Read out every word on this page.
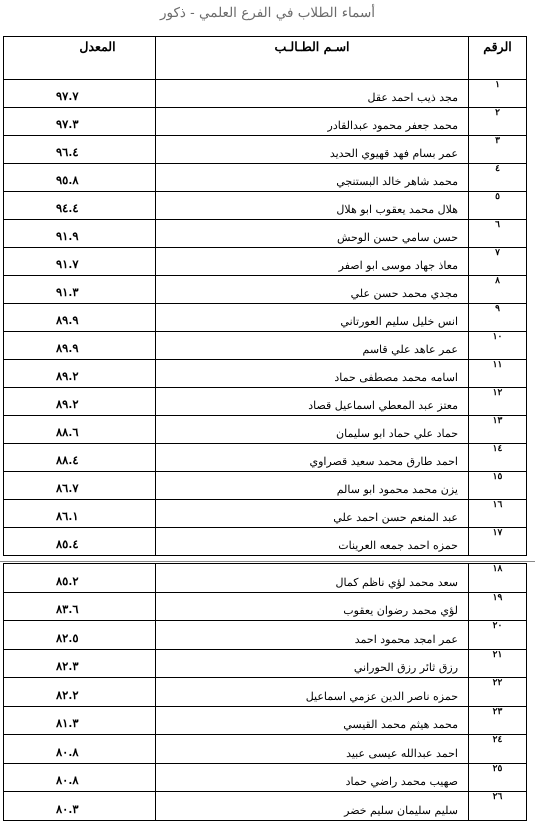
أسماء الطلاب في الفرع العلمي - ذكور
الرقم	اسـم الطـالـب	المعدل
١	مجد ذيب احمد عقل	٩٧.٧
٢	محمد جعفر محمود عبدالقادر	٩٧.٣
٣	عمر بسام فهد قهيوي الحديد	٩٦.٤
٤	محمد شاهر خالد البستنجي	٩٥.٨
٥	هلال محمد يعقوب ابو هلال	٩٤.٤
٦	حسن سامي حسن الوحش	٩١.٩
٧	معاذ جهاد موسى ابو اصفر	٩١.٧
٨	مجدي محمد حسن علي	٩١.٣
٩	انس خليل سليم العورتاني	٨٩.٩
١٠	عمر عاهد علي قاسم	٨٩.٩
١١	اسامه محمد مصطفى حماد	٨٩.٢
١٢	معتز عبد المعطي اسماعيل قصاد	٨٩.٢
١٣	حماد علي حماد ابو سليمان	٨٨.٦
١٤	احمد طارق محمد سعيد قصراوي	٨٨.٤
١٥	يزن محمد محمود ابو سالم	٨٦.٧
١٦	عبد المنعم حسن احمد علي	٨٦.١
١٧	حمزه احمد جمعه العرينات	٨٥.٤
١٨	سعد محمد لؤي ناظم كمال	٨٥.٢
١٩	لؤي محمد رضوان يعقوب	٨٣.٦
٢٠	عمر امجد محمود احمد	٨٢.٥
٢١	رزق ثائر رزق الحوراني	٨٢.٣
٢٢	حمزه ناصر الدين عزمي اسماعيل	٨٢.٢
٢٣	محمد هيثم محمد القيسي	٨١.٣
٢٤	احمد عبدالله عيسى عبيد	٨٠.٨
٢٥	صهيب محمد راضي حماد	٨٠.٨
٢٦	سليم سليمان سليم خضر	٨٠.٣
